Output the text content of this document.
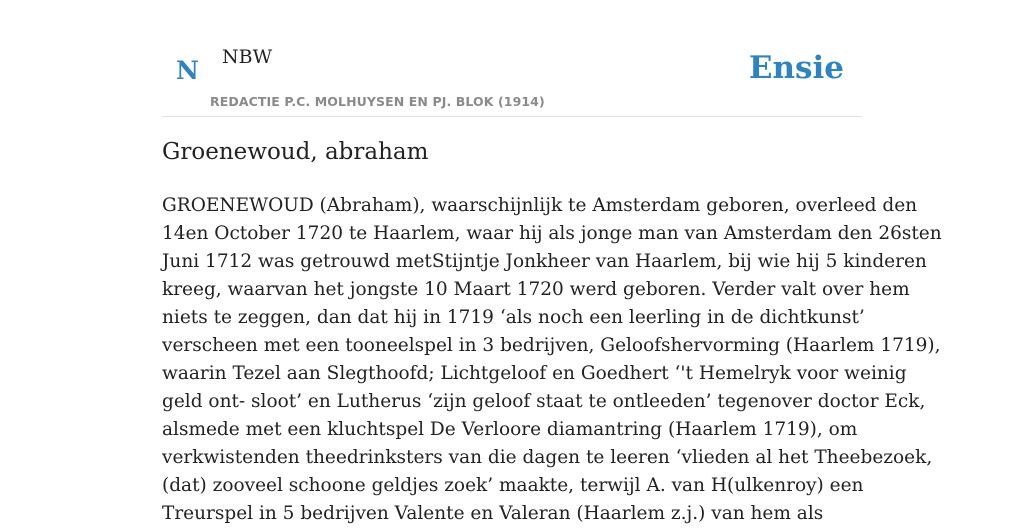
N NBW
REDACTIE P.C. MOLHUYSEN EN PJ. BLOK (1914)
Ensie
Groenewoud, abraham
GROENEWOUD (Abraham), waarschijnlijk te Amsterdam geboren, overleed den
14en October 1720 te Haarlem, waar hij als jonge man van Amsterdam den 26sten
Juni 1712 was getrouwd metStijntje Jonkheer van Haarlem, bij wie hij 5 kinderen
kreeg, waarvan het jongste 10 Maart 1720 werd geboren. Verder valt over hem
niets te zeggen, dan dat hij in 1719 ‘als noch een leerling in de dichtkunst’
verscheen met een tooneelspel in 3 bedrijven, Geloofshervorming (Haarlem 1719),
waarin Tezel aan Slegthoofd; Lichtgeloof en Goedhert ‘'t Hemelryk voor weinig
geld ont- sloot’ en Lutherus ‘zijn geloof staat te ontleeden’ tegenover doctor Eck,
alsmede met een kluchtspel De Verloore diamantring (Haarlem 1719), om
verkwistenden theedrinksters van die dagen te leeren ‘vlieden al het Theebezoek,
(dat) zooveel schoone geldjes zoek’ maakte, terwijl A. van H(ulkenroy) een
Treurspel in 5 bedrijven Valente en Valeran (Haarlem z.j.) van hem als
